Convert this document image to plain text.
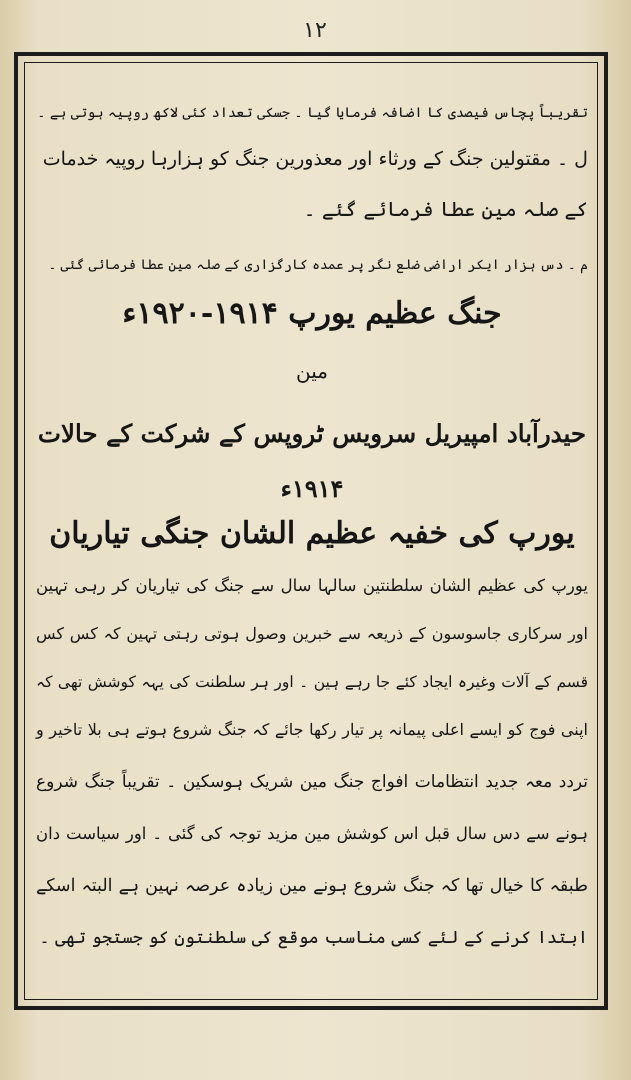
١٢
تقریباً پچاس فیصدی کا اضافہ فرمایا گیا ۔ جسکی تعداد کئی لاکھ روپیہ ہوتی ہے ۔
ل ۔ مقتولین جنگ کے ورثاء اور معذورین جنگ کو ہزارہا روپیہ خدمات
کے صلہ مین عطا فرمائے گئے ۔
م ۔ دس ہزار ایکر اراضی ضلع نگر پر عمدہ کارگزاری کے صلہ مین عطا فرمائی گئی ۔
جنگ عظیم یورپ ۱۹۱۴-۱۹۲۰ء
مین
حیدرآباد امپیریل سرویس ٹروپس کے شرکت کے حالات
۱۹۱۴ء
یورپ کی خفیہ عظیم الشان جنگی تیاریان
یورپ کی عظیم الشان سلطنتین سالہا سال سے جنگ کی تیاریان کر رہی تہین
اور سرکاری جاسوسون کے ذریعہ سے خبرین وصول ہوتی رہتی تہین کہ کس کس
قسم کے آلات وغیرہ ایجاد کئے جا رہے ہین ۔ اور ہر سلطنت کی یہہ کوشش تھی کہ
اپنی فوج کو ایسے اعلی پیمانہ پر تیار رکھا جائے کہ جنگ شروع ہوتے ہی بلا تاخیر و
تردد معہ جدید انتظامات افواج جنگ مین شریک ہوسکین ۔ تقریباً جنگ شروع
ہونے سے دس سال قبل اس کوشش مین مزید توجہ کی گئی ۔ اور سیاست دان
طبقہ کا خیال تھا کہ جنگ شروع ہونے مین زیادہ عرصہ نہین ہے البتہ اسکے
ابتدا کرنے کے لئے کسی مناسب موقع کی سلطنتون کو جستجو تھی ۔
